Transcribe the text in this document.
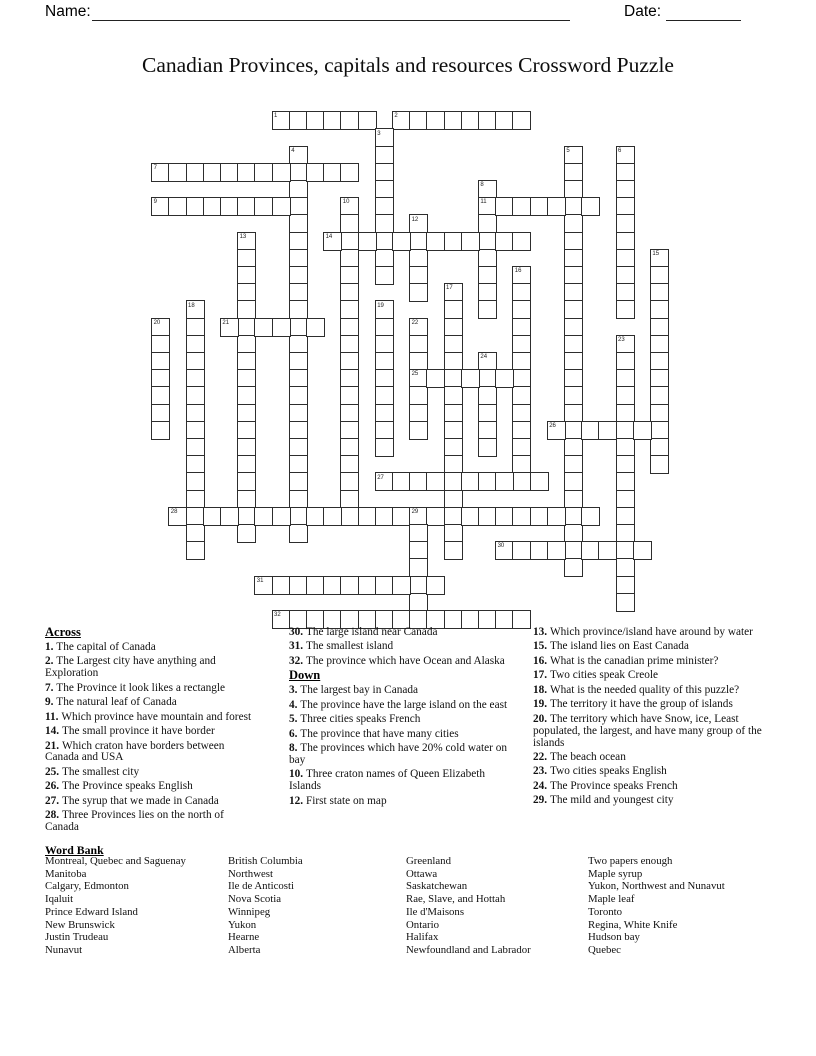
Name:	Date:
Canadian Provinces, capitals and resources Crossword Puzzle
1	2
3
4	5	6
7
8
9	10	11
12
13	14
15
16
17
18	19
20	21	22
23
24
25
26
27
28	29
30
31
32
Across

1. The capital of Canada

2. The Largest city have anything and Exploration

7. The Province it look likes a rectangle

9. The natural leaf of Canada

11. Which province have mountain and forest

14. The small province it have border

21. Which craton have borders between Canada and USA

25. The smallest city

26. The Province speaks English

27. The syrup that we made in Canada

28. Three Provinces lies on the north of Canada

30. The large island near Canada

31. The smallest island

32. The province which have Ocean and Alaska

Down

3. The largest bay in Canada

4. The province have the large island on the east

5. Three cities speaks French

6. The province that have many cities

8. The provinces which have 20% cold water on bay

10. Three craton names of Queen Elizabeth Islands

12. First state on map

13. Which province/island have around by water

15. The island lies on East Canada

16. What is the canadian prime minister?

17. Two cities speak Creole

18. What is the needed quality of this puzzle?

19. The territory it have the group of islands

20. The territory which have Snow, ice, Least populated, the largest, and have many group of the islands

22. The beach ocean

23. Two cities speaks English

24. The Province speaks French

29. The mild and youngest city

Word Bank

Montreal, Quebec and Saguenay

Manitoba

Calgary, Edmonton

Iqaluit

Prince Edward Island

New Brunswick

Justin Trudeau

Nunavut

British Columbia

Northwest

Ile de Anticosti

Nova Scotia

Winnipeg

Yukon

Hearne

Alberta

Greenland

Ottawa

Saskatchewan

Rae, Slave, and Hottah

Ile d'Maisons

Ontario

Halifax

Newfoundland and Labrador

Two papers enough

Maple syrup

Yukon, Northwest and Nunavut

Maple leaf

Toronto

Regina, White Knife

Hudson bay

Quebec
